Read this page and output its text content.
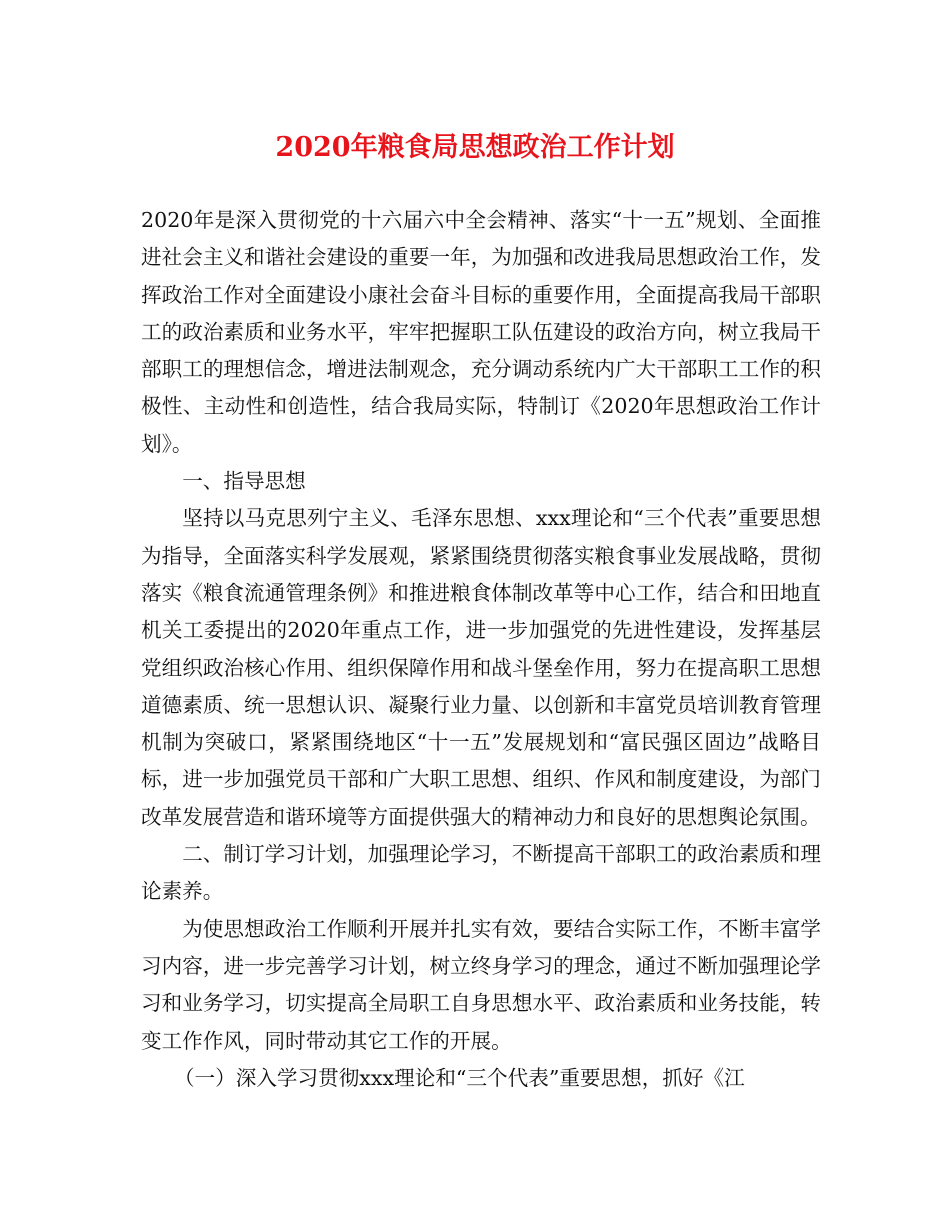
2020年粮食局思想政治工作计划

2020年是深入贯彻党的十六届六中全会精神、落实“十一五”规划、全面推进社会主义和谐社会建设的重要一年，为加强和改进我局思想政治工作，发挥政治工作对全面建设小康社会奋斗目标的重要作用，全面提高我局干部职工的政治素质和业务水平，牢牢把握职工队伍建设的政治方向，树立我局干部职工的理想信念，增进法制观念，充分调动系统内广大干部职工工作的积极性、主动性和创造性，结合我局实际，特制订《2020年思想政治工作计划》。

一、指导思想

坚持以马克思列宁主义、毛泽东思想、xxx理论和“三个代表”重要思想为指导，全面落实科学发展观，紧紧围绕贯彻落实粮食事业发展战略，贯彻落实《粮食流通管理条例》和推进粮食体制改革等中心工作，结合和田地直机关工委提出的2020年重点工作，进一步加强党的先进性建设，发挥基层党组织政治核心作用、组织保障作用和战斗堡垒作用，努力在提高职工思想道德素质、统一思想认识、凝聚行业力量、以创新和丰富党员培训教育管理机制为突破口，紧紧围绕地区“十一五”发展规划和“富民强区固边”战略目标，进一步加强党员干部和广大职工思想、组织、作风和制度建设，为部门改革发展营造和谐环境等方面提供强大的精神动力和良好的思想舆论氛围。

二、制订学习计划，加强理论学习，不断提高干部职工的政治素质和理论素养。

为使思想政治工作顺利开展并扎实有效，要结合实际工作，不断丰富学习内容，进一步完善学习计划，树立终身学习的理念，通过不断加强理论学习和业务学习，切实提高全局职工自身思想水平、政治素质和业务技能，转变工作作风，同时带动其它工作的开展。

（一）深入学习贯彻xxx理论和“三个代表”重要思想，抓好《江
